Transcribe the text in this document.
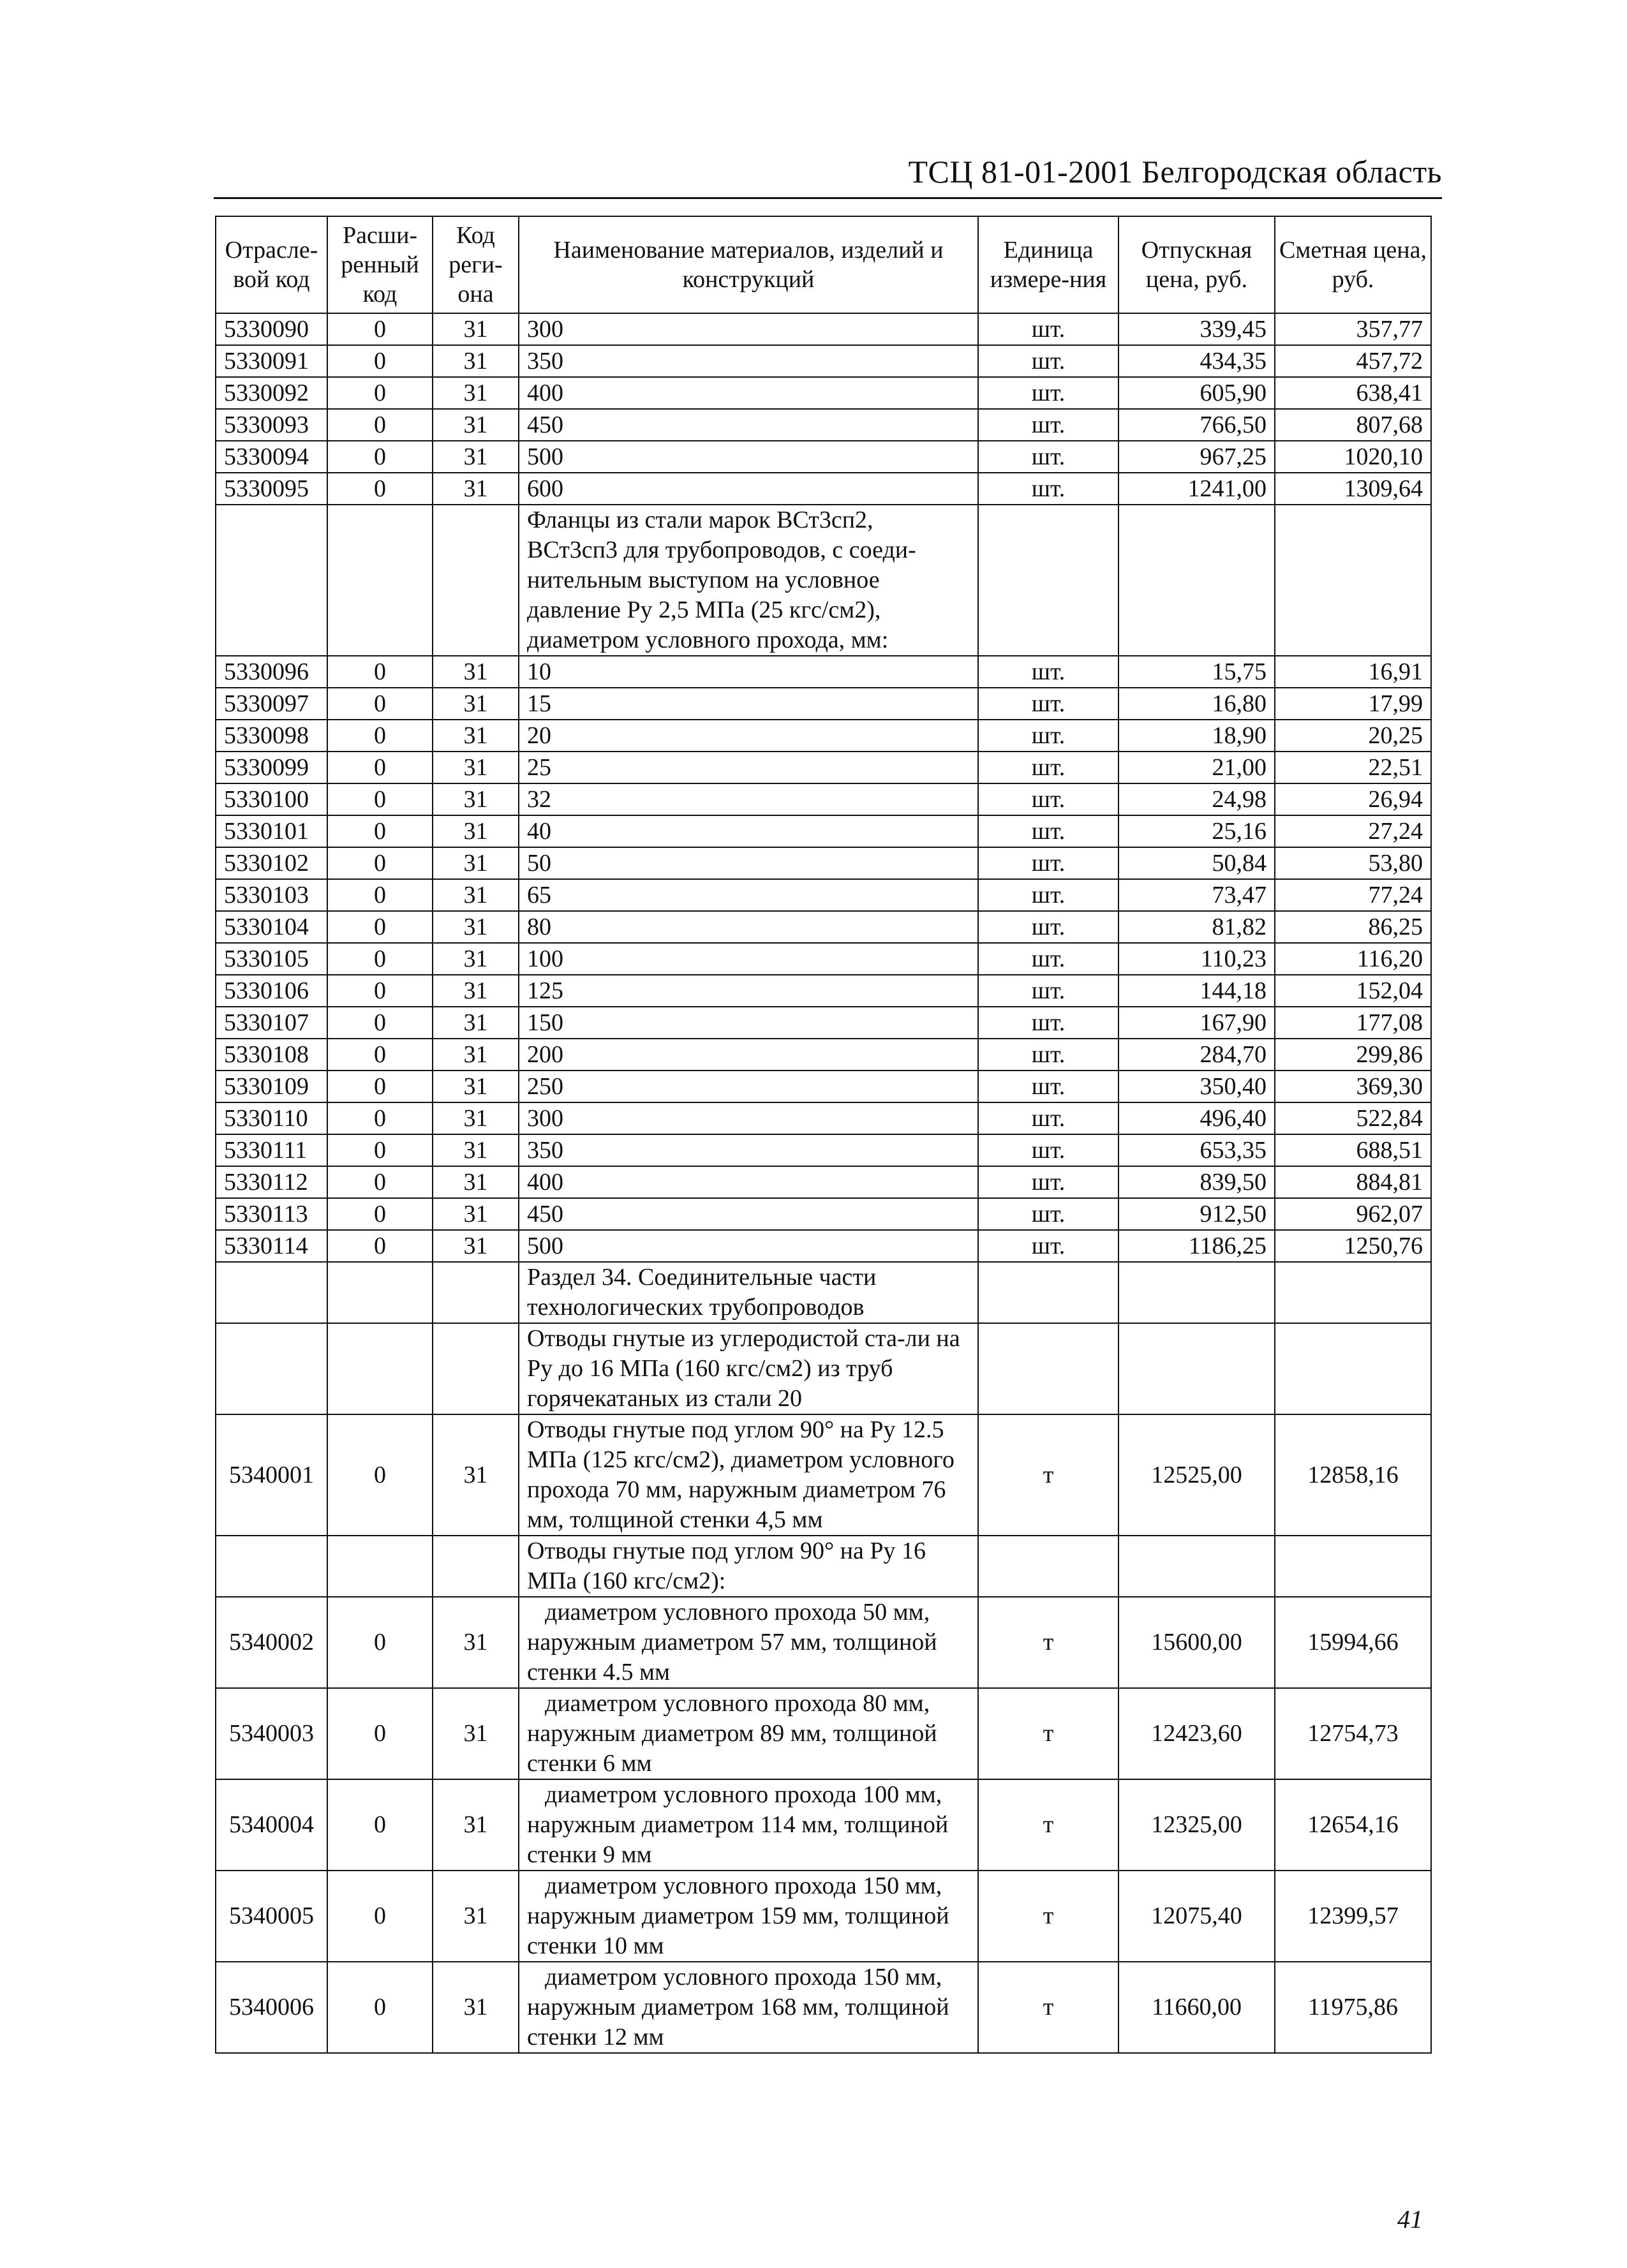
ТСЦ 81-01-2001 Белгородская область
Отрасле-вой код	Расши-ренный код	Код реги-она	Наименование материалов, изделий и конструкций	Единица измере-ния	Отпускная цена, руб.	Сметная цена, руб.
5330090	0	31	300	шт.	339,45	357,77
5330091	0	31	350	шт.	434,35	457,72
5330092	0	31	400	шт.	605,90	638,41
5330093	0	31	450	шт.	766,50	807,68
5330094	0	31	500	шт.	967,25	1020,10
5330095	0	31	600	шт.	1241,00	1309,64
			Фланцы из стали марок ВСт3сп2, ВСт3сп3 для трубопроводов, с соеди-нительным выступом на условное давление Ру 2,5 МПа (25 кгс/см2), диаметром условного прохода, мм:			
5330096	0	31	10	шт.	15,75	16,91
5330097	0	31	15	шт.	16,80	17,99
5330098	0	31	20	шт.	18,90	20,25
5330099	0	31	25	шт.	21,00	22,51
5330100	0	31	32	шт.	24,98	26,94
5330101	0	31	40	шт.	25,16	27,24
5330102	0	31	50	шт.	50,84	53,80
5330103	0	31	65	шт.	73,47	77,24
5330104	0	31	80	шт.	81,82	86,25
5330105	0	31	100	шт.	110,23	116,20
5330106	0	31	125	шт.	144,18	152,04
5330107	0	31	150	шт.	167,90	177,08
5330108	0	31	200	шт.	284,70	299,86
5330109	0	31	250	шт.	350,40	369,30
5330110	0	31	300	шт.	496,40	522,84
5330111	0	31	350	шт.	653,35	688,51
5330112	0	31	400	шт.	839,50	884,81
5330113	0	31	450	шт.	912,50	962,07
5330114	0	31	500	шт.	1186,25	1250,76
			Раздел 34. Соединительные части технологических трубопроводов			
			Отводы гнутые из углеродистой ста-ли на Ру до 16 МПа (160 кгс/см2) из труб горячекатаных из стали 20			
5340001	0	31	Отводы гнутые под углом 90° на Ру 12.5 МПа (125 кгс/см2), диаметром условного прохода 70 мм, наружным диаметром 76 мм, толщиной стенки 4,5 мм	т	12525,00	12858,16
			Отводы гнутые под углом 90° на Ру 16 МПа (160 кгс/см2):			
5340002	0	31	диаметром условного прохода 50 мм, наружным диаметром 57 мм, толщиной стенки 4.5 мм	т	15600,00	15994,66
5340003	0	31	диаметром условного прохода 80 мм, наружным диаметром 89 мм, толщиной стенки 6 мм	т	12423,60	12754,73
5340004	0	31	диаметром условного прохода 100 мм, наружным диаметром 114 мм, толщиной стенки 9 мм	т	12325,00	12654,16
5340005	0	31	диаметром условного прохода 150 мм, наружным диаметром 159 мм, толщиной стенки 10 мм	т	12075,40	12399,57
5340006	0	31	диаметром условного прохода 150 мм, наружным диаметром 168 мм, толщиной стенки 12 мм	т	11660,00	11975,86
41
